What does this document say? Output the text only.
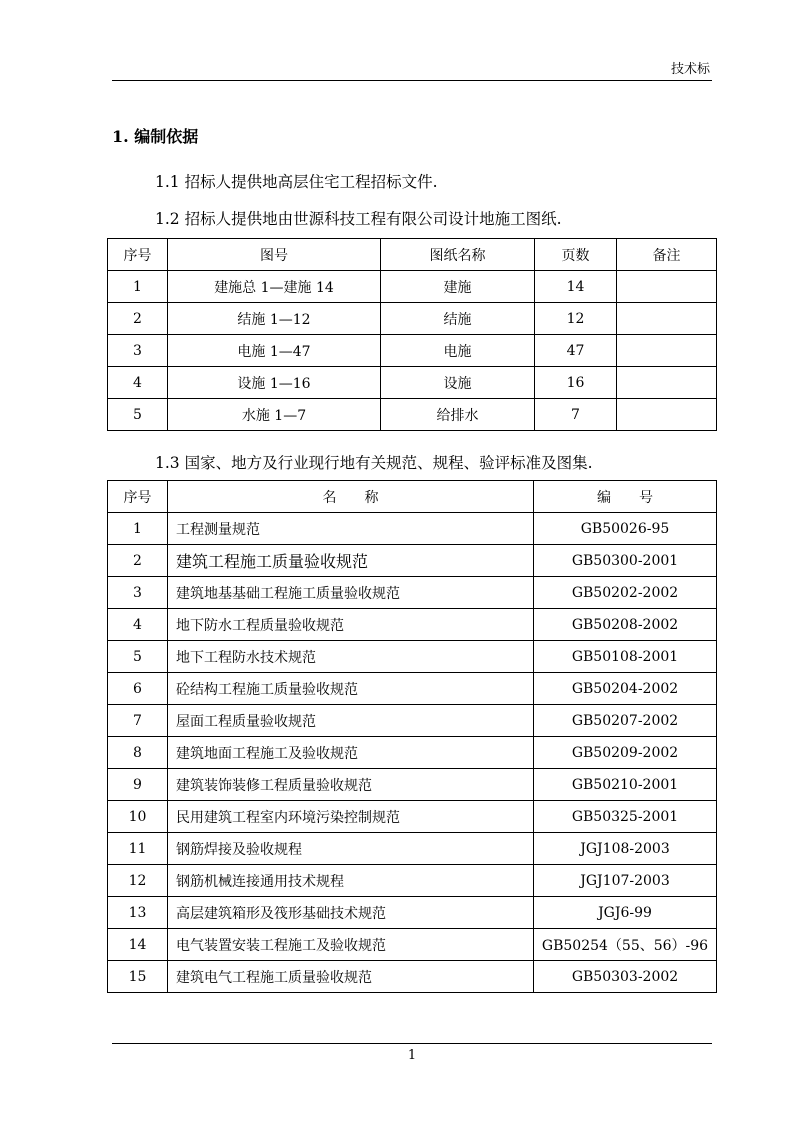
技术标
1. 编制依据
1.1 招标人提供地高层住宅工程招标文件.
1.2 招标人提供地由世源科技工程有限公司设计地施工图纸.
序号	图号	图纸名称	页数	备注
1	建施总 1—建施 14	建施	14	
2	结施 1—12	结施	12	
3	电施 1—47	电施	47	
4	设施 1—16	设施	16	
5	水施 1—7	给排水	7	
1.3 国家、地方及行业现行地有关规范、规程、验评标准及图集.
序号	名　　称	编　　号
1	工程测量规范	GB50026-95
2	建筑工程施工质量验收规范	GB50300-2001
3	建筑地基基础工程施工质量验收规范	GB50202-2002
4	地下防水工程质量验收规范	GB50208-2002
5	地下工程防水技术规范	GB50108-2001
6	砼结构工程施工质量验收规范	GB50204-2002
7	屋面工程质量验收规范	GB50207-2002
8	建筑地面工程施工及验收规范	GB50209-2002
9	建筑装饰装修工程质量验收规范	GB50210-2001
10	民用建筑工程室内环境污染控制规范	GB50325-2001
11	钢筋焊接及验收规程	JGJ108-2003
12	钢筋机械连接通用技术规程	JGJ107-2003
13	高层建筑箱形及筏形基础技术规范	JGJ6-99
14	电气装置安装工程施工及验收规范	GB50254（55、56）-96
15	建筑电气工程施工质量验收规范	GB50303-2002
1
